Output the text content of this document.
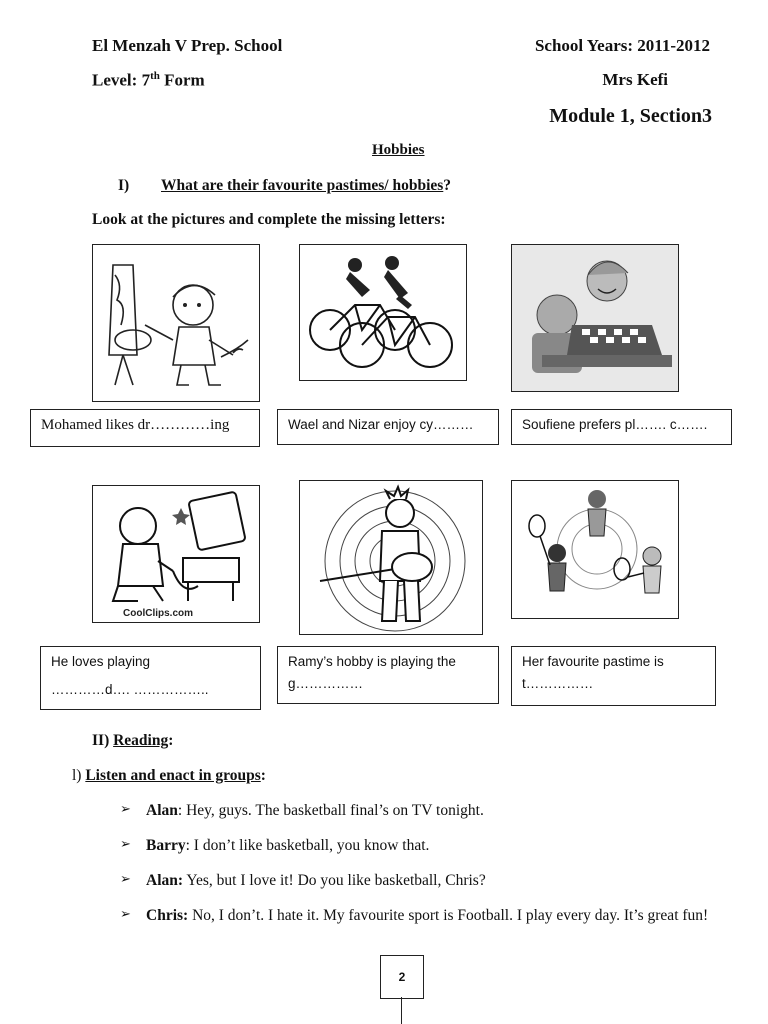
El Menzah V Prep. School	School Years: 2011-2012
Level: 7th Form	Mrs Kefi
Module 1, Section3
Hobbies
I) What are their favourite pastimes/ hobbies?
Look at the pictures and complete the missing letters:
Mohamed likes dr…………ing	Wael and Nizar enjoy cy………	Soufiene prefers pl……. c…….
CoolClips.com
He loves playing
…………d…. ……………..
Ramy’s hobby is playing the
g……………
Her favourite pastime is
t……………
II) Reading:
l) Listen and enact in groups:
➢ Alan: Hey, guys. The basketball final’s on TV tonight.
➢ Barry: I don’t like basketball, you know that.
➢ Alan: Yes, but I love it! Do you like basketball, Chris?
➢ Chris: No, I don’t. I hate it. My favourite sport is Football. I play every day. It’s great fun!
2
